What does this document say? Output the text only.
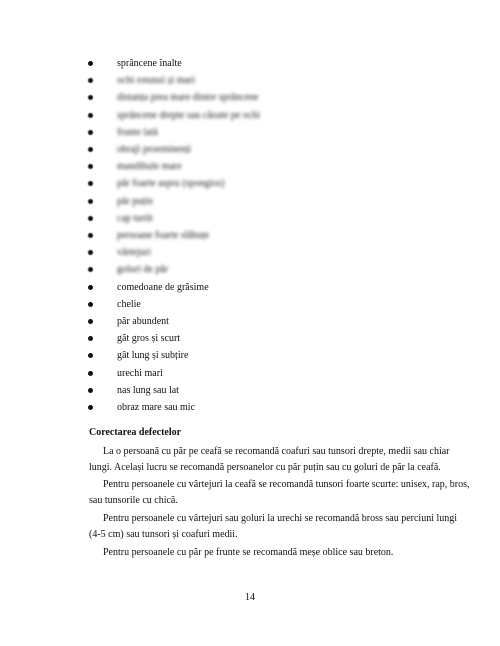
sprâncene înalte
ochi rotunzi și mari
distanța prea mare dintre sprâncene
sprâncene drepte sau căzute pe ochi
frunte lată
obraji proeminenți
mandibule mare
păr foarte aspru (spongios)
păr puțin
cap turtit
persoane foarte slăbuțe
vârtejuri
goluri de păr
comedoane de grăsime
chelie
păr abundent
gât gros și scurt
gât lung și subțire
urechi mari
nas lung sau lat
obraz mare sau mic
Corectarea defectelor

La o persoană cu păr pe ceafă se recomandă coafuri sau tunsori drepte, medii sau chiar
lungi. Același lucru se recomandă persoanelor cu păr puțin sau cu goluri de păr la ceafă.

Pentru persoanele cu vârtejuri la ceafă se recomandă tunsori foarte scurte: unisex, rap, bros,
sau tunsorile cu chică.

Pentru persoanele cu vârtejuri sau goluri la urechi se recomandă bross sau perciuni lungi
(4-5 cm) sau tunsori și coafuri medii.

Pentru persoanele cu păr pe frunte se recomandă meșe oblice sau breton.

14
